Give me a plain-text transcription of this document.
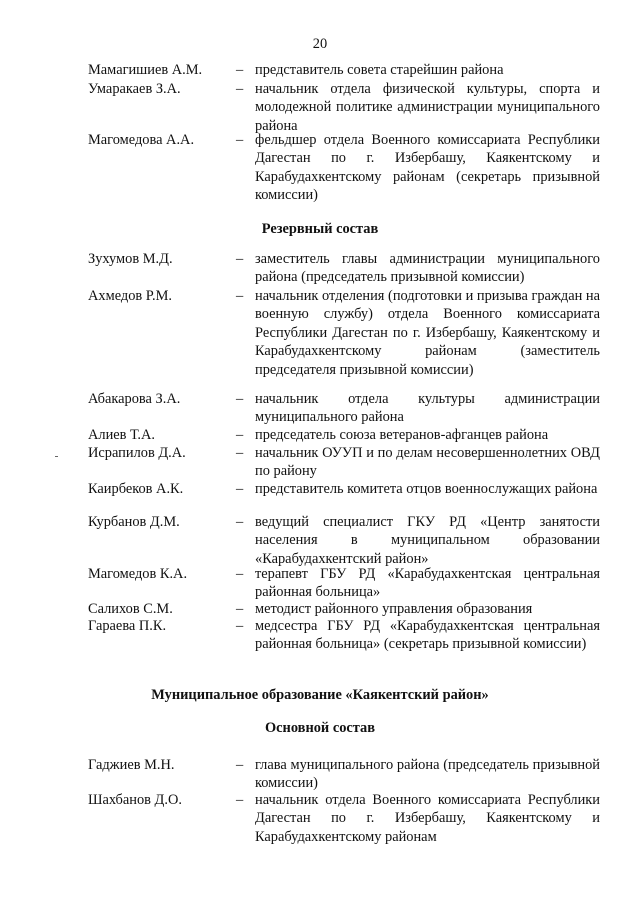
20
Мамагишиев А.М.	– представитель совета старейшин района
Умаракаев З.А.	– начальник отдела физической культуры, спорта и молодежной политике администрации муниципального района
Магомедова А.А.	– фельдшер отдела Военного комиссариата Республики Дагестан по г. Избербашу, Каякентскому и Карабудахкентскому районам (секретарь призывной комиссии)
Резервный состав
Зухумов М.Д.	– заместитель главы администрации муниципального района (председатель призывной комиссии)
Ахмедов Р.М.	– начальник отделения (подготовки и призыва граждан на военную службу) отдела Военного комиссариата Республики Дагестан по г. Избербашу, Каякентскому и Карабудахкентскому районам (заместитель председателя призывной комиссии)
Абакарова З.А.	– начальник отдела культуры администрации муниципального района
Алиев Т.А.	– председатель союза ветеранов-афганцев района
Исрапилов Д.А.	– начальник ОУУП и по делам несовершеннолетних ОВД по району
Каирбеков А.К.	– представитель комитета отцов военнослужащих района
Курбанов Д.М.	– ведущий специалист ГКУ РД «Центр занятости населения в муниципальном образовании «Карабудахкентский район»
Магомедов К.А.	– терапевт ГБУ РД «Карабудахкентская центральная районная больница»
Салихов С.М.	– методист районного управления образования
Гараева П.К.	– медсестра ГБУ РД «Карабудахкентская центральная районная больница» (секретарь призывной комиссии)
Муниципальное образование «Каякентский район»
Основной состав
Гаджиев М.Н.	– глава муниципального района (председатель призывной комиссии)
Шахбанов Д.О.	– начальник отдела Военного комиссариата Республики Дагестан по г. Избербашу, Каякентскому и Карабудахкентскому районам
